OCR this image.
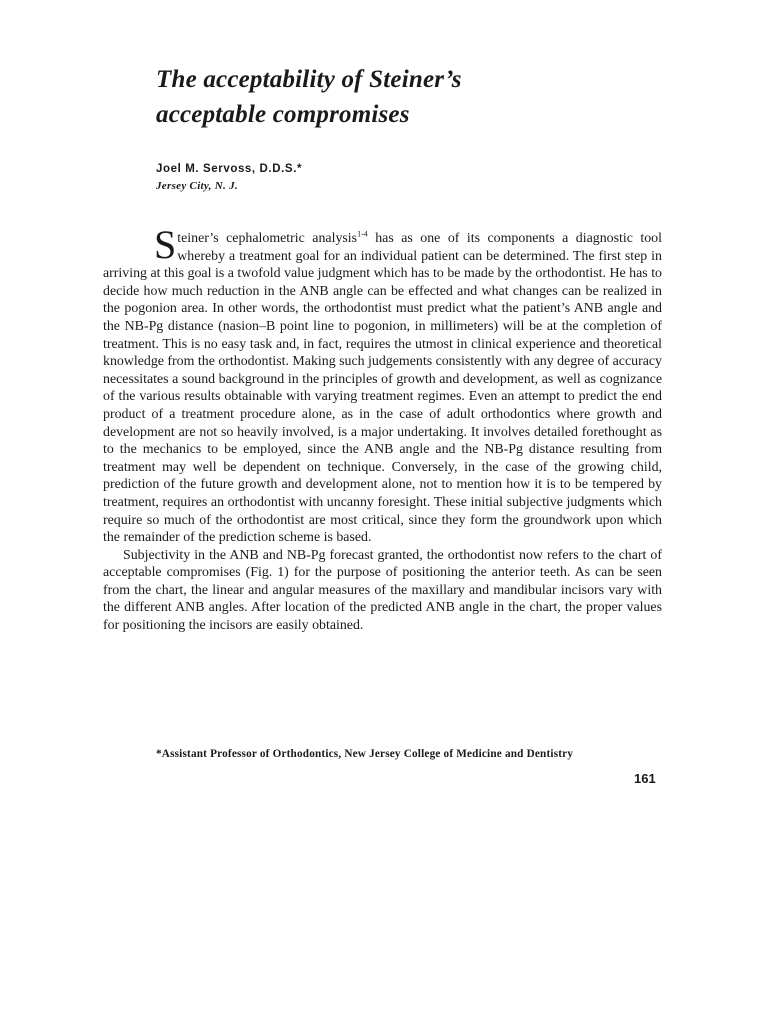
The acceptability of Steiner’s
acceptable compromises
Joel M. Servoss, D.D.S.*
Jersey City, N. J.

Steiner’s cephalometric analysis$^{1-4}$ has as one of its components a diagnostic tool whereby a treatment goal for an individual patient can be determined. The first step in arriving at this goal is a twofold value judgment which has to be made by the orthodontist. He has to decide how much reduction in the ANB angle can be effected and what changes can be realized in the pogonion area. In other words, the orthodontist must predict what the patient’s ANB angle and the NB-Pg distance (nasion–B point line to pogonion, in millimeters) will be at the completion of treatment. This is no easy task and, in fact, requires the utmost in clinical experience and theoretical knowledge from the orthodontist. Making such judgements consistently with any degree of accuracy necessitates a sound background in the principles of growth and development, as well as cognizance of the various results obtainable with varying treatment regimes. Even an attempt to predict the end product of a treatment procedure alone, as in the case of adult orthodontics where growth and development are not so heavily involved, is a major undertaking. It involves detailed forethought as to the mechanics to be employed, since the ANB angle and the NB-Pg distance resulting from treatment may well be dependent on technique. Conversely, in the case of the growing child, prediction of the future growth and development alone, not to mention how it is to be tempered by treatment, requires an orthodontist with uncanny foresight. These initial subjective judgments which require so much of the orthodontist are most critical, since they form the groundwork upon which the remainder of the prediction scheme is based.

Subjectivity in the ANB and NB-Pg forecast granted, the orthodontist now refers to the chart of acceptable compromises (Fig. 1) for the purpose of positioning the anterior teeth. As can be seen from the chart, the linear and angular measures of the maxillary and mandibular incisors vary with the different ANB angles. After location of the predicted ANB angle in the chart, the proper values for positioning the incisors are easily obtained.

*Assistant Professor of Orthodontics, New Jersey College of Medicine and Dentistry
161
